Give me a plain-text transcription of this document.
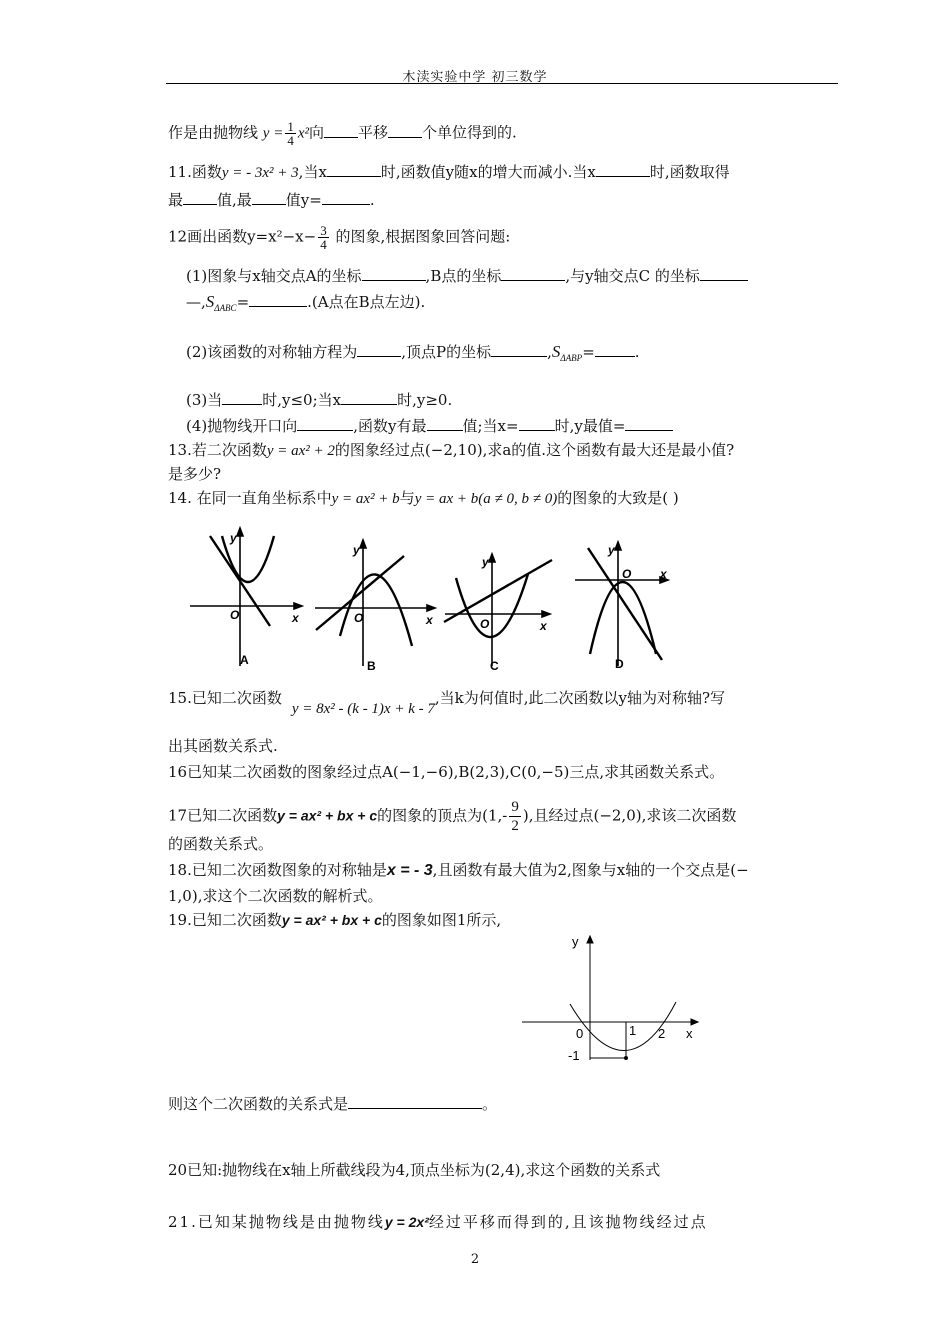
木渎实验中学 初三数学
作是由抛物线 $y = \frac{1}{4} x^2$向 平移 个单位得到的.
11.函数y = - 3x² + 3,当x	时,函数值y随x的增大而减小.当x	时,函数取得
最 值,最 值y=	.
12画出函数$y=x^2-x- \frac{3}{4}$ 的图象,根据图象回答问题:
(1)图象与x轴交点A的坐标	,B点的坐标	,与y轴交点C 的坐标
$—,S_{\Delta ABC}=$	.(A点在B点左边).
(2)该函数的对称轴方程为	,顶点P的坐标	$,S_{\Delta ABP}=$	.
(3)当	时,y≤0;当x	时,y≥0.
(4)抛物线开口向	,函数y有最 值;当x= 时,y最值=
13.若二次函数y = ax² + 2的图象经过点(−2,10),求a的值.这个函数有最大还是最小值?
是多少?
14. 在同一直角坐标系中y = ax² + b与y = ax + b(a ≠ 0, b ≠ 0)的图象的大致是( )
y
O	x
y
O	x
y
O	x
y
O x
A	B	C	D
15.已知二次函数y = 8x² - (k - 1)x + k - 7,当k为何值时,此二次函数以y轴为对称轴?写
出其函数关系式.
16已知某二次函数的图象经过点A(−1,−6),B(2,3),C(0,−5)三点,求其函数关系式。
17已知二次函数y = ax² + bx + c的图象的顶点为($1,- \frac{9}{2}$ ),且经过点(−2,0),求该二次函数
的函数关系式。
18.已知二次函数图象的对称轴是x = - 3,且函数有最大值为2,图象与x轴的一个交点是(−
1,0),求这个二次函数的解析式。
19.已知二次函数y = ax² + bx + c的图象如图1所示,
y
x
0	1 2
-1
则这个二次函数的关系式是	。
20已知:抛物线在x轴上所截线段为4,顶点坐标为(2,4),求这个函数的关系式
21.已知某抛物线是由抛物线y = 2x²经过平移而得到的,且该抛物线经过点
2
